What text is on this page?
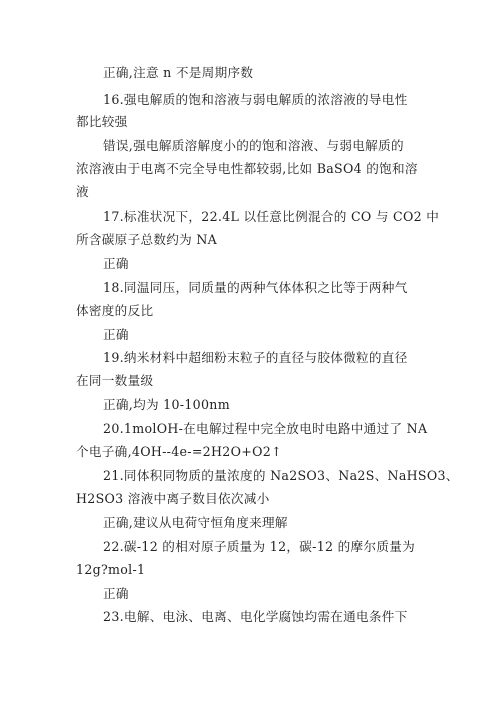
正确,注意 n 不是周期序数
16.强电解质的饱和溶液与弱电解质的浓溶液的导电性
都比较强
错误,强电解质溶解度小的的饱和溶液、与弱电解质的
浓溶液由于电离不完全导电性都较弱,比如 BaSO4 的饱和溶
液
17.标准状况下，22.4L 以任意比例混合的 CO 与 CO2 中
所含碳原子总数约为 NA
正确
18.同温同压，同质量的两种气体体积之比等于两种气
体密度的反比
正确
19.纳米材料中超细粉末粒子的直径与胶体微粒的直径
在同一数量级
正确,均为 10-100nm
20.1molOH-在电解过程中完全放电时电路中通过了 NA
个电子确,4OH--4e-=2H2O+O2↑
21.同体积同物质的量浓度的 Na2SO3、Na2S、NaHSO3、
H2SO3 溶液中离子数目依次减小
正确,建议从电荷守恒角度来理解
22.碳-12 的相对原子质量为 12，碳-12 的摩尔质量为
12g?mol-1
正确
23.电解、电泳、电离、电化学腐蚀均需在通电条件下
